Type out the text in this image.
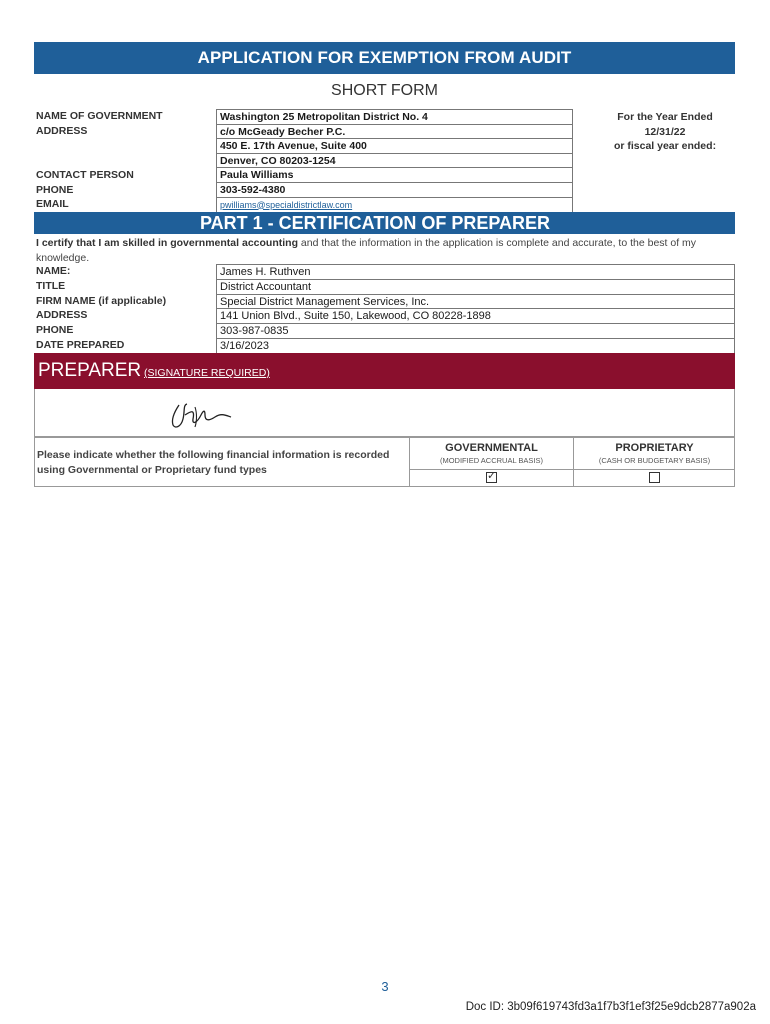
APPLICATION FOR EXEMPTION FROM AUDIT
SHORT FORM
NAME OF GOVERNMENT
ADDRESS
CONTACT PERSON
PHONE
EMAIL
Washington 25 Metropolitan District No. 4
c/o McGeady Becher P.C.
450 E. 17th Avenue, Suite 400
Denver, CO 80203-1254
Paula Williams
303-592-4380
pwilliams@specialdistrictlaw.com
For the Year Ended
12/31/22
or fiscal year ended:
PART 1 - CERTIFICATION OF PREPARER
I certify that I am skilled in governmental accounting and that the information in the application is complete and accurate, to the best of my knowledge.
NAME:
TITLE
FIRM NAME (if applicable)
ADDRESS
PHONE
DATE PREPARED
James H. Ruthven
District Accountant
Special District Management Services, Inc.
141 Union Blvd., Suite 150, Lakewood, CO 80228-1898
303-987-0835
3/16/2023
PREPARER (SIGNATURE REQUIRED)
Please indicate whether the following financial information is recorded using Governmental or Proprietary fund types
GOVERNMENTAL
(MODIFIED ACCRUAL BASIS)
✓
PROPRIETARY
(CASH OR BUDGETARY BASIS)
3
Doc ID: 3b09f619743fd3a1f7b3f1ef3f25e9dcb2877a902a
